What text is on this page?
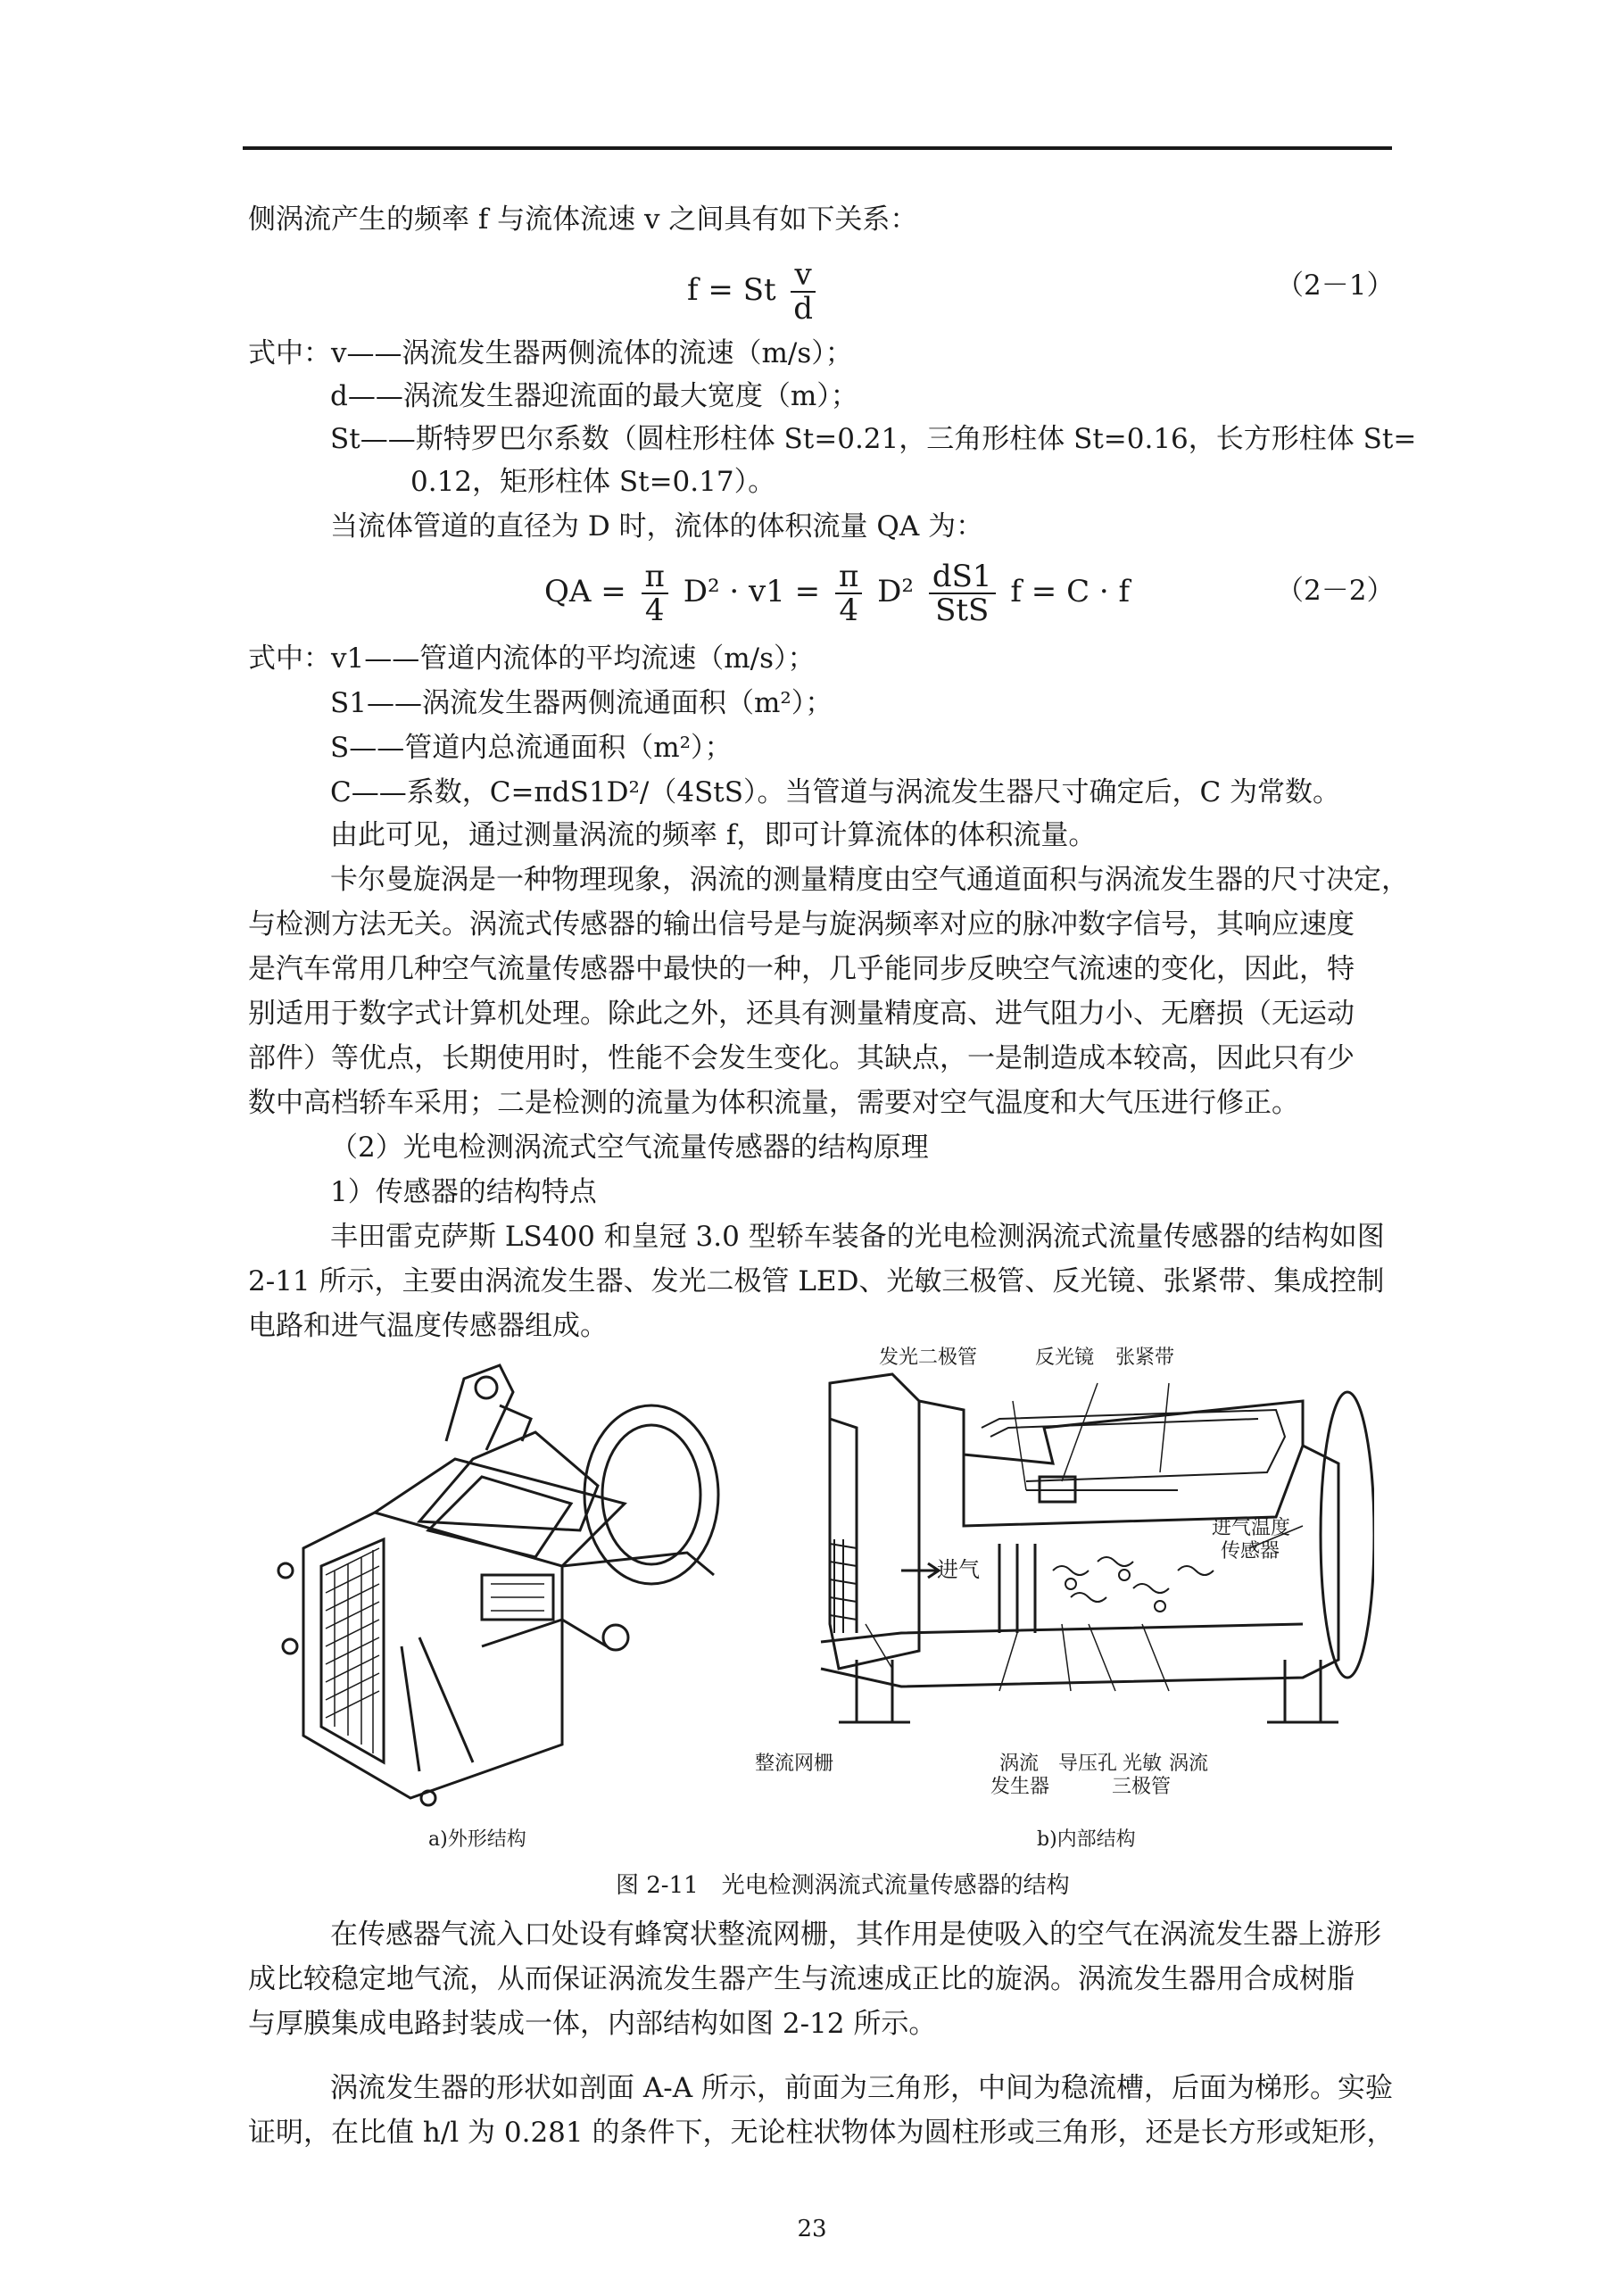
侧涡流产生的频率 f 与流体流速 v 之间具有如下关系：
f = St $\frac{v}{d}$	（2－1）
式中：v——涡流发生器两侧流体的流速（m/s）；
d——涡流发生器迎流面的最大宽度（m）；
St——斯特罗巴尔系数（圆柱形柱体 St=0.21，三角形柱体 St=0.16，长方形柱体 St=
0.12，矩形柱体 St=0.17）。
当流体管道的直径为 D 时，流体的体积流量 QA 为：
QA = $\frac{\pi}{4} D^2 \cdot v1 = \frac{\pi}{4} D^2 \frac{dS1}{\text{StS}}$ f = C · f	（2－2）
式中：v1——管道内流体的平均流速（m/s）；
S1——涡流发生器两侧流通面积（m²）；
S——管道内总流通面积（m²）；
C——系数，C=πdS1D²/（4StS）。当管道与涡流发生器尺寸确定后，C 为常数。
由此可见，通过测量涡流的频率 f，即可计算流体的体积流量。
卡尔曼旋涡是一种物理现象，涡流的测量精度由空气通道面积与涡流发生器的尺寸决定，
与检测方法无关。涡流式传感器的输出信号是与旋涡频率对应的脉冲数字信号，其响应速度
是汽车常用几种空气流量传感器中最快的一种，几乎能同步反映空气流速的变化，因此，特
别适用于数字式计算机处理。除此之外，还具有测量精度高、进气阻力小、无磨损（无运动
部件）等优点，长期使用时，性能不会发生变化。其缺点，一是制造成本较高，因此只有少
数中高档轿车采用；二是检测的流量为体积流量，需要对空气温度和大气压进行修正。
（2）光电检测涡流式空气流量传感器的结构原理
1）传感器的结构特点
丰田雷克萨斯 LS400 和皇冠 3.0 型轿车装备的光电检测涡流式流量传感器的结构如图
2-11 所示，主要由涡流发生器、发光二极管 LED、光敏三极管、反光镜、张紧带、集成控制
电路和进气温度传感器组成。
发光二极管	反光镜 张紧带
进气温度
传感器
进气
整流网栅	涡流
发生器
导压孔 光敏
三极管
涡流
a)外形结构	b)内部结构
图 2-11　光电检测涡流式流量传感器的结构
在传感器气流入口处设有蜂窝状整流网栅，其作用是使吸入的空气在涡流发生器上游形
成比较稳定地气流，从而保证涡流发生器产生与流速成正比的旋涡。涡流发生器用合成树脂
与厚膜集成电路封装成一体，内部结构如图 2-12 所示。
涡流发生器的形状如剖面 A-A 所示，前面为三角形，中间为稳流槽，后面为梯形。实验
证明，在比值 h/l 为 0.281 的条件下，无论柱状物体为圆柱形或三角形，还是长方形或矩形，
23
